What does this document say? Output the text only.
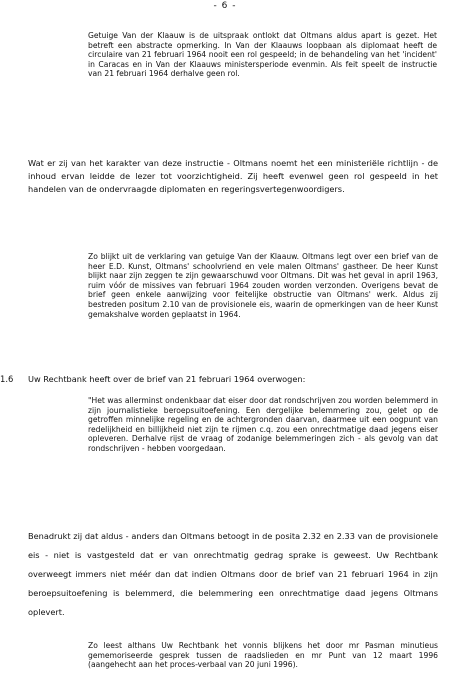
- 6 -

Getuige Van der Klaauw is de uitspraak ontlokt dat Oltmans aldus apart is gezet. Het betreft een abstracte opmerking. In Van der Klaauws loopbaan als diplomaat heeft de circulaire van 21 februari 1964 nooit een rol gespeeld; in de behandeling van het 'incident' in Caracas en in Van der Klaauws ministersperiode evenmin. Als feit speelt de instructie van 21 februari 1964 derhalve geen rol.

Wat er zij van het karakter van deze instructie - Oltmans noemt het een ministeriële richtlijn - de inhoud ervan leidde de lezer tot voorzichtigheid. Zij heeft evenwel geen rol gespeeld in het handelen van de ondervraagde diplomaten en regeringsvertegenwoordigers.

Zo blijkt uit de verklaring van getuige Van der Klaauw. Oltmans legt over een brief van de heer E.D. Kunst, Oltmans' schoolvriend en vele malen Oltmans' gastheer. De heer Kunst blijkt naar zijn zeggen te zijn gewaarschuwd voor Oltmans. Dit was het geval in april 1963, ruim vóór de missives van februari 1964 zouden worden verzonden. Overigens bevat de brief geen enkele aanwijzing voor feitelijke obstructie van Oltmans' werk. Aldus zij bestreden positum 2.10 van de provisionele eis, waarin de opmerkingen van de heer Kunst gemakshalve worden geplaatst in 1964.

1.6 Uw Rechtbank heeft over de brief van 21 februari 1964 overwogen:

"Het was allerminst ondenkbaar dat eiser door dat rondschrijven zou worden belemmerd in zijn journalistieke beroepsuitoefening. Een dergelijke belemmering zou, gelet op de getroffen minnelijke regeling en de achtergronden daarvan, daarmee uit een oogpunt van redelijkheid en billijkheid niet zijn te rijmen c.q. zou een onrechtmatige daad jegens eiser opleveren. Derhalve rijst de vraag of zodanige belemmeringen zich - als gevolg van dat rondschrijven - hebben voorgedaan.

Benadrukt zij dat aldus - anders dan Oltmans betoogt in de posita 2.32 en 2.33 van de provisionele eis - niet is vastgesteld dat er van onrechtmatig gedrag sprake is geweest. Uw Rechtbank overweegt immers niet méér dan dat indien Oltmans door de brief van 21 februari 1964 in zijn beroepsuitoefening is belemmerd, die belemmering een onrechtmatige daad jegens Oltmans oplevert.

Zo leest althans Uw Rechtbank het vonnis blijkens het door mr Pasman minutieus gememoriseerde gesprek tussen de raadslieden en mr Punt van 12 maart 1996 (aangehecht aan het proces-verbaal van 20 juni 1996).
